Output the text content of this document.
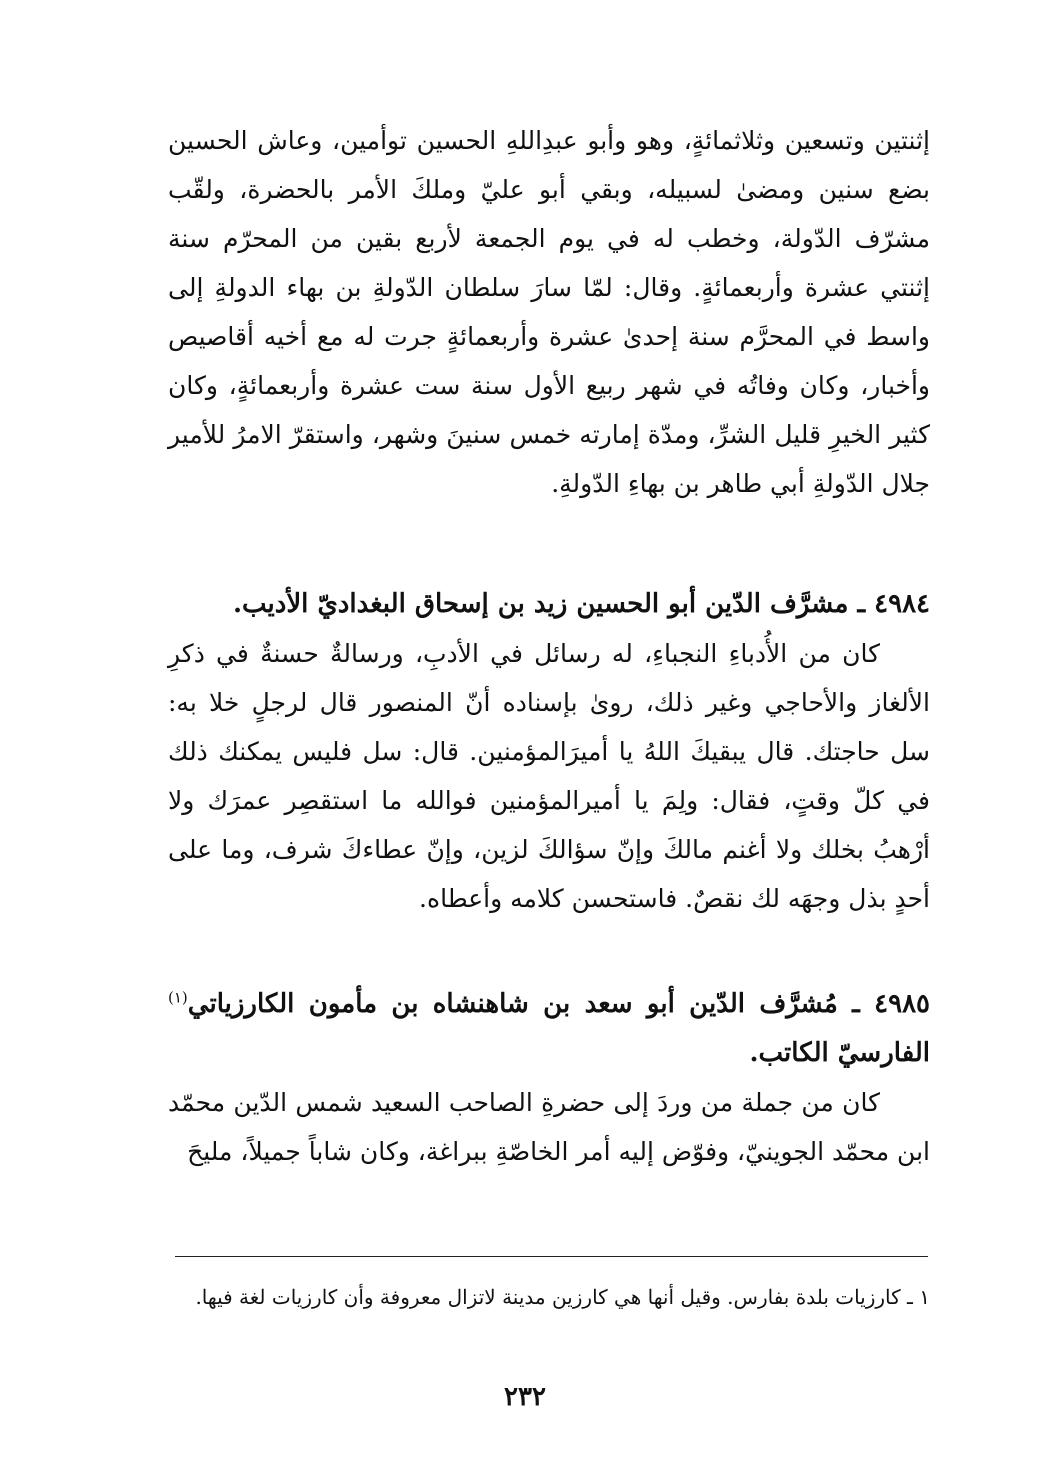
إثنتين وتسعين وثلاثمائةٍ، وهو وأبو عبدِاللهِ الحسين توأمين، وعاش الحسين بضع سنين ومضىٰ لسبيله، وبقي أبو عليّ وملكَ الأمر بالحضرة، ولقّب مشرّف الدّولة، وخطب له في يوم الجمعة لأربع بقين من المحرّم سنة إثنتي عشرة وأربعمائةٍ. وقال: لمّا سارَ سلطان الدّولةِ بن بهاء الدولةِ إلى واسط في المحرَّم سنة إحدىٰ عشرة وأربعمائةٍ جرت له مع أخيه أقاصيص وأخبار، وكان وفاتُه في شهر ربيع الأول سنة ست عشرة وأربعمائةٍ، وكان كثير الخيرِ قليل الشرِّ، ومدّة إمارته خمس سنينَ وشهر، واستقرّ الامرُ للأمير جلال الدّولةِ أبي طاهر بن بهاءِ الدّولةِ.

٤٩٨٤ ـ مشرَّف الدّين أبو الحسين زيد بن إسحاق البغداديّ الأديب.

كان من الأُدباءِ النجباءِ، له رسائل في الأدبِ، ورسالةٌ حسنةٌ في ذكرِ الألغاز والأحاجي وغير ذلك، روىٰ بإسناده أنّ المنصور قال لرجلٍ خلا به: سل حاجتك. قال يبقيكَ اللهُ يا أميرَالمؤمنين. قال: سل فليس يمكنك ذلك في كلّ وقتٍ، فقال: ولِمَ يا أميرالمؤمنين فوالله ما استقصِر عمرَك ولا أرْهبُ بخلك ولا أغنم مالكَ وإنّ سؤالكَ لزين، وإنّ عطاءكَ شرف، وما على أحدٍ بذل وجهَه لك نقصٌ. فاستحسن كلامه وأعطاه.

٤٩٨٥ ـ مُشرَّف الدّين أبو سعد بن شاهنشاه بن مأمون الكارزياتي$^{(١)}$ الفارسيّ الكاتب.

كان من جملة من وردَ إلى حضرةِ الصاحب السعيد شمس الدّين محمّد ابن محمّد الجوينيّ، وفوّض إليه أمر الخاصّةِ ببراغة، وكان شاباً جميلاً، مليحَ

١ ـ كارزيات بلدة بفارس. وقيل أنها هي كارزين مدينة لاتزال معروفة وأن كارزيات لغة فيها.

٢٣٢
